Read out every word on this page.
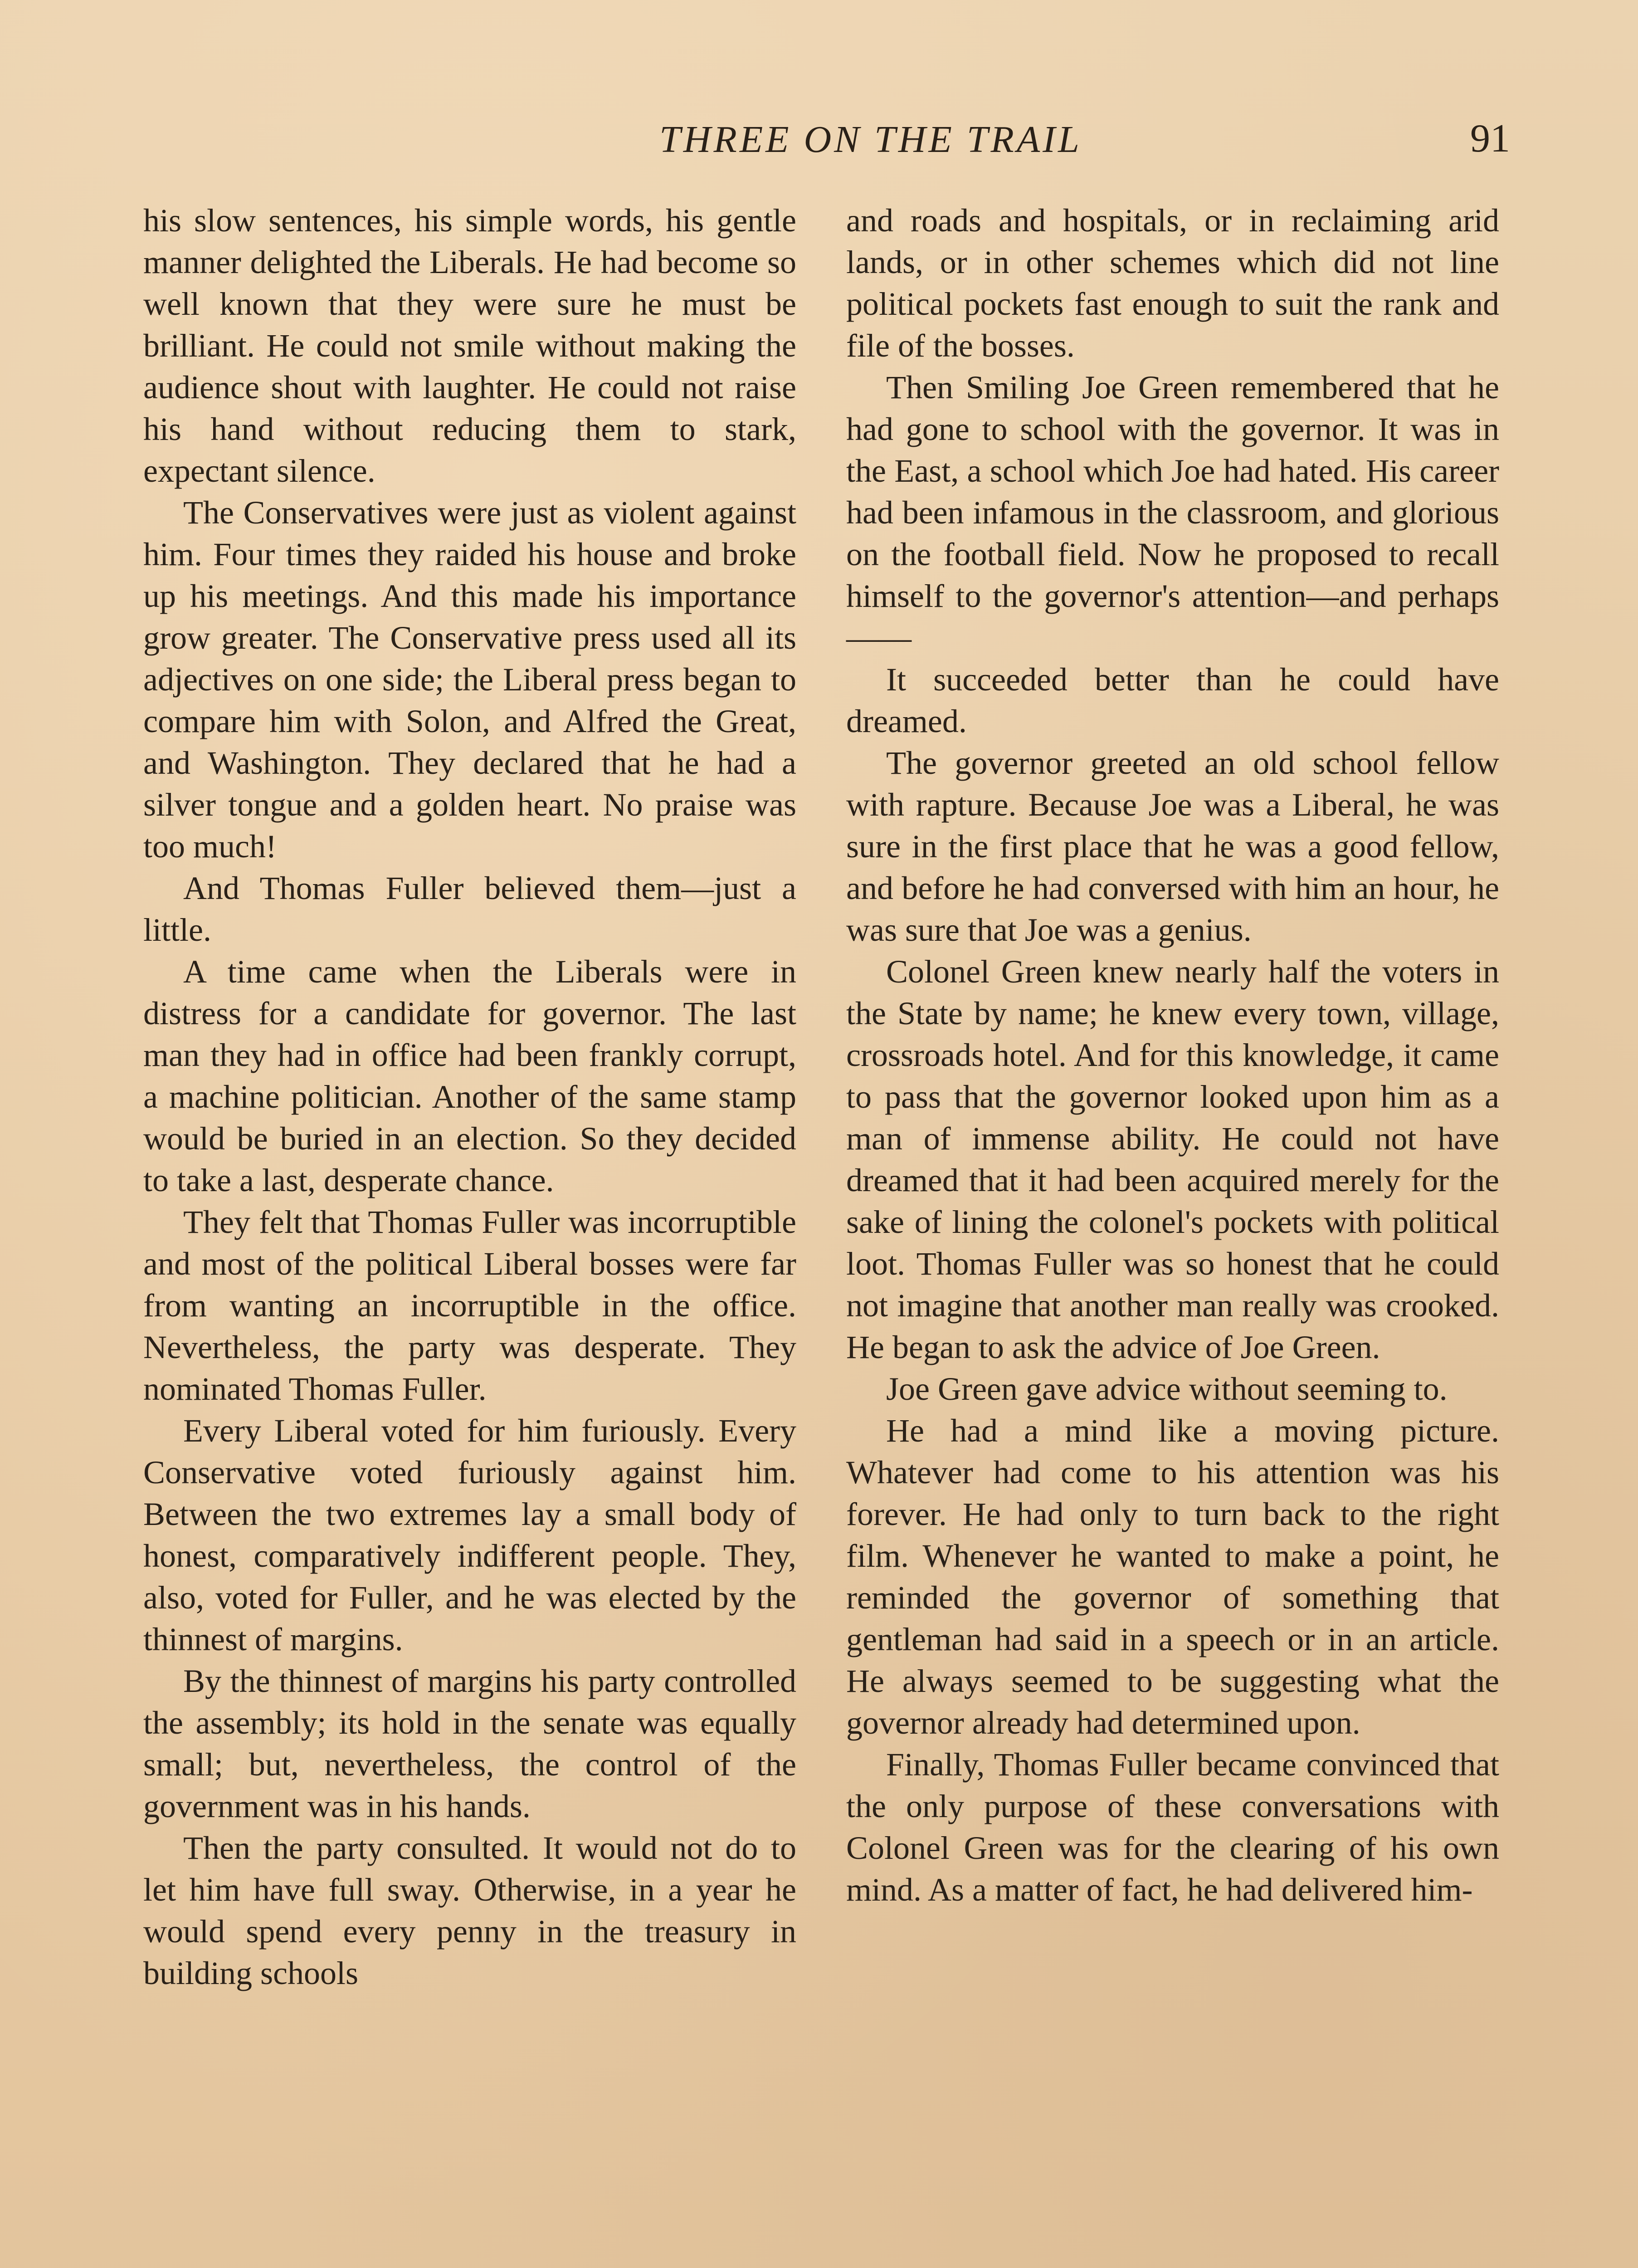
THREE ON THE TRAIL	91

his slow sentences, his simple words, his gentle manner delighted the Liberals. He had become so well known that they were sure he must be brilliant. He could not smile without making the audience shout with laughter. He could not raise his hand without reducing them to stark, expectant silence.

The Conservatives were just as violent against him. Four times they raided his house and broke up his meetings. And this made his importance grow greater. The Conservative press used all its adjectives on one side; the Liberal press began to compare him with Solon, and Alfred the Great, and Washington. They declared that he had a silver tongue and a golden heart. No praise was too much!

And Thomas Fuller believed them—just a little.

A time came when the Liberals were in distress for a candidate for governor. The last man they had in office had been frankly corrupt, a machine politician. Another of the same stamp would be buried in an election. So they decided to take a last, desperate chance.

They felt that Thomas Fuller was incorruptible and most of the political Liberal bosses were far from wanting an incorruptible in the office. Nevertheless, the party was desperate. They nominated Thomas Fuller.

Every Liberal voted for him furiously. Every Conservative voted furiously against him. Between the two extremes lay a small body of honest, comparatively indifferent people. They, also, voted for Fuller, and he was elected by the thinnest of margins.

By the thinnest of margins his party controlled the assembly; its hold in the senate was equally small; but, nevertheless, the control of the government was in his hands.

Then the party consulted. It would not do to let him have full sway. Otherwise, in a year he would spend every penny in the treasury in building schools

and roads and hospitals, or in reclaiming arid lands, or in other schemes which did not line political pockets fast enough to suit the rank and file of the bosses.

Then Smiling Joe Green remembered that he had gone to school with the governor. It was in the East, a school which Joe had hated. His career had been infamous in the classroom, and glorious on the football field. Now he proposed to recall himself to the governor's attention—and perhaps——

It succeeded better than he could have dreamed.

The governor greeted an old school fellow with rapture. Because Joe was a Liberal, he was sure in the first place that he was a good fellow, and before he had conversed with him an hour, he was sure that Joe was a genius.

Colonel Green knew nearly half the voters in the State by name; he knew every town, village, crossroads hotel. And for this knowledge, it came to pass that the governor looked upon him as a man of immense ability. He could not have dreamed that it had been acquired merely for the sake of lining the colonel's pockets with political loot. Thomas Fuller was so honest that he could not imagine that another man really was crooked. He began to ask the advice of Joe Green.

Joe Green gave advice without seeming to.

He had a mind like a moving picture. Whatever had come to his attention was his forever. He had only to turn back to the right film. Whenever he wanted to make a point, he reminded the governor of something that gentleman had said in a speech or in an article. He always seemed to be suggesting what the governor already had determined upon.

Finally, Thomas Fuller became convinced that the only purpose of these conversations with Colonel Green was for the clearing of his own mind. As a matter of fact, he had delivered him-
